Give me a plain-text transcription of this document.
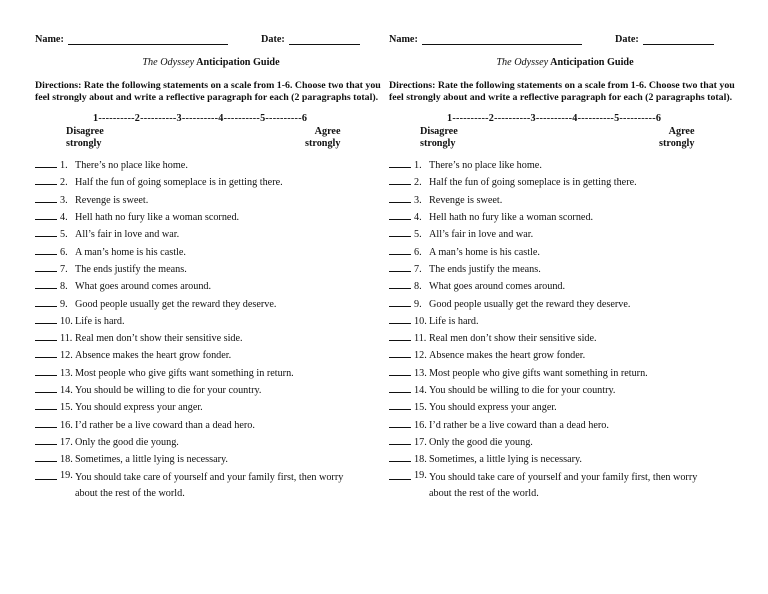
Name:	Date:
The Odyssey Anticipation Guide
Directions: Rate the following statements on a scale from 1-6. Choose two that you feel strongly about and write a reflective paragraph for each (2 paragraphs total).
1----------2----------3----------4----------5----------6
Disagree
strongly
Agree
strongly
1. There’s no place like home.
2. Half the fun of going someplace is in getting there.
3. Revenge is sweet.
4. Hell hath no fury like a woman scorned.
5. All’s fair in love and war.
6. A man’s home is his castle.
7. The ends justify the means.
8. What goes around comes around.
9. Good people usually get the reward they deserve.
10. Life is hard.
11. Real men don’t show their sensitive side.
12. Absence makes the heart grow fonder.
13. Most people who give gifts want something in return.
14. You should be willing to die for your country.
15. You should express your anger.
16. I’d rather be a live coward than a dead hero.
17. Only the good die young.
18. Sometimes, a little lying is necessary.
19. You should take care of yourself and your family first, then worry about the rest of the world.
Name:	Date:
The Odyssey Anticipation Guide
Directions: Rate the following statements on a scale from 1-6. Choose two that you feel strongly about and write a reflective paragraph for each (2 paragraphs total).
1----------2----------3----------4----------5----------6
Disagree
strongly
Agree
strongly
1. There’s no place like home.
2. Half the fun of going someplace is in getting there.
3. Revenge is sweet.
4. Hell hath no fury like a woman scorned.
5. All’s fair in love and war.
6. A man’s home is his castle.
7. The ends justify the means.
8. What goes around comes around.
9. Good people usually get the reward they deserve.
10. Life is hard.
11. Real men don’t show their sensitive side.
12. Absence makes the heart grow fonder.
13. Most people who give gifts want something in return.
14. You should be willing to die for your country.
15. You should express your anger.
16. I’d rather be a live coward than a dead hero.
17. Only the good die young.
18. Sometimes, a little lying is necessary.
19. You should take care of yourself and your family first, then worry about the rest of the world.
